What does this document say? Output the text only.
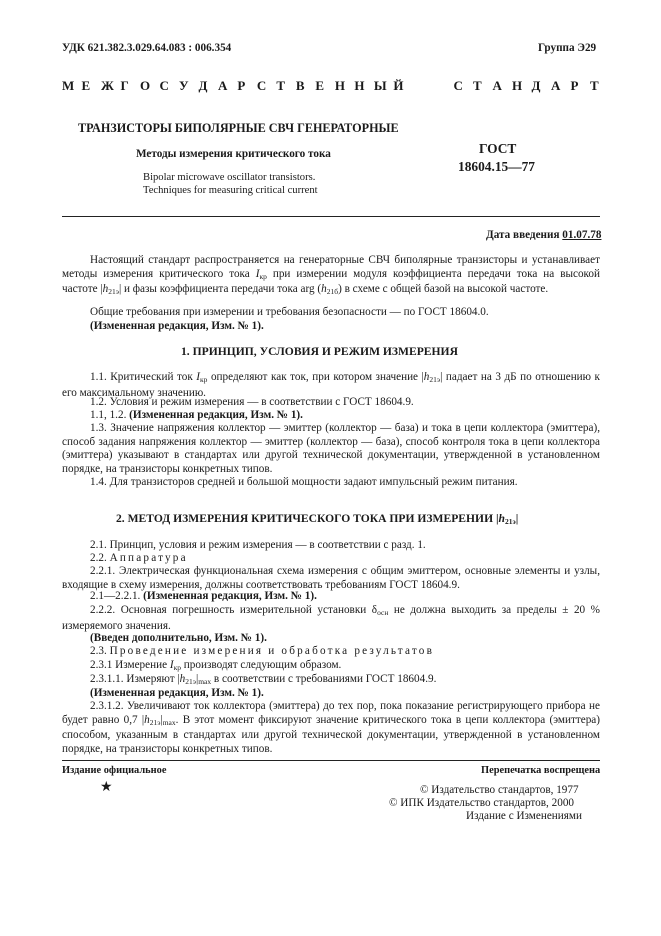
УДК 621.382.3.029.64.083 : 006.354	Группа Э29
М Е Ж Г О С У Д А Р С Т В Е Н Н Ы Й	С Т А Н Д А Р Т
ТРАНЗИСТОРЫ БИПОЛЯРНЫЕ СВЧ ГЕНЕРАТОРНЫЕ
Методы измерения критического тока
Bipolar microwave oscillator transistors.
Techniques for measuring critical current
ГОСТ
18604.15—77
Дата введения 01.07.78
Настоящий стандарт распространяется на генераторные СВЧ биполярные транзисторы и устанавливает методы измерения критического тока $I_{кр}$ при измерении модуля коэффициента передачи тока на высокой частоте $|h_{21э}|$ и фазы коэффициента передачи тока arg $(h_{21б})$ в схеме с общей базой на высокой частоте.
Общие требования при измерении и требования безопасности — по ГОСТ 18604.0.
(Измененная редакция, Изм. № 1).
1. ПРИНЦИП, УСЛОВИЯ И РЕЖИМ ИЗМЕРЕНИЯ
1.1. Критический ток $I_{кр}$ определяют как ток, при котором значение $|h_{21э}|$ падает на 3 дБ по отношению к его максимальному значению.
1.2. Условия и режим измерения — в соответствии с ГОСТ 18604.9.
1.1, 1.2. (Измененная редакция, Изм. № 1).
1.3. Значение напряжения коллектор — эмиттер (коллектор — база) и тока в цепи коллектора (эмиттера), способ задания напряжения коллектор — эмиттер (коллектор — база), способ контроля тока в цепи коллектора (эмиттера) указывают в стандартах или другой технической документации, утвержденной в установленном порядке, на транзисторы конкретных типов.
1.4. Для транзисторов средней и большой мощности задают импульсный режим питания.
2. МЕТОД ИЗМЕРЕНИЯ КРИТИЧЕСКОГО ТОКА ПРИ ИЗМЕРЕНИИ $|h_{21э}|$
2.1. Принцип, условия и режим измерения — в соответствии с разд. 1.
2.2. Аппаратура
2.2.1. Электрическая функциональная схема измерения с общим эмиттером, основные элементы и узлы, входящие в схему измерения, должны соответствовать требованиям ГОСТ 18604.9.
2.1—2.2.1. (Измененная редакция, Изм. № 1).
2.2.2. Основная погрешность измерительной установки $\delta_{осн}$ не должна выходить за пределы ± 20 % измеряемого значения.
(Введен дополнительно, Изм. № 1).
2.3. Проведение измерения и обработка результатов
2.3.1 Измерение $I_{кр}$ производят следующим образом.
2.3.1.1. Измеряют $|h_{21э}|_{max}$ в соответствии с требованиями ГОСТ 18604.9.
(Измененная редакция, Изм. № 1).
2.3.1.2. Увеличивают ток коллектора (эмиттера) до тех пор, пока показание регистрирующего прибора не будет равно 0,7 $|h_{21э}|_{max}$. В этот момент фиксируют значение критического тока в цепи коллектора (эмиттера) способом, указанным в стандартах или другой технической документации, утвержденной в установленном порядке, на транзисторы конкретных типов.
Издание официальное	Перепечатка воспрещена
★	© Издательство стандартов, 1977
© ИПК Издательство стандартов, 2000
Издание с Изменениями
